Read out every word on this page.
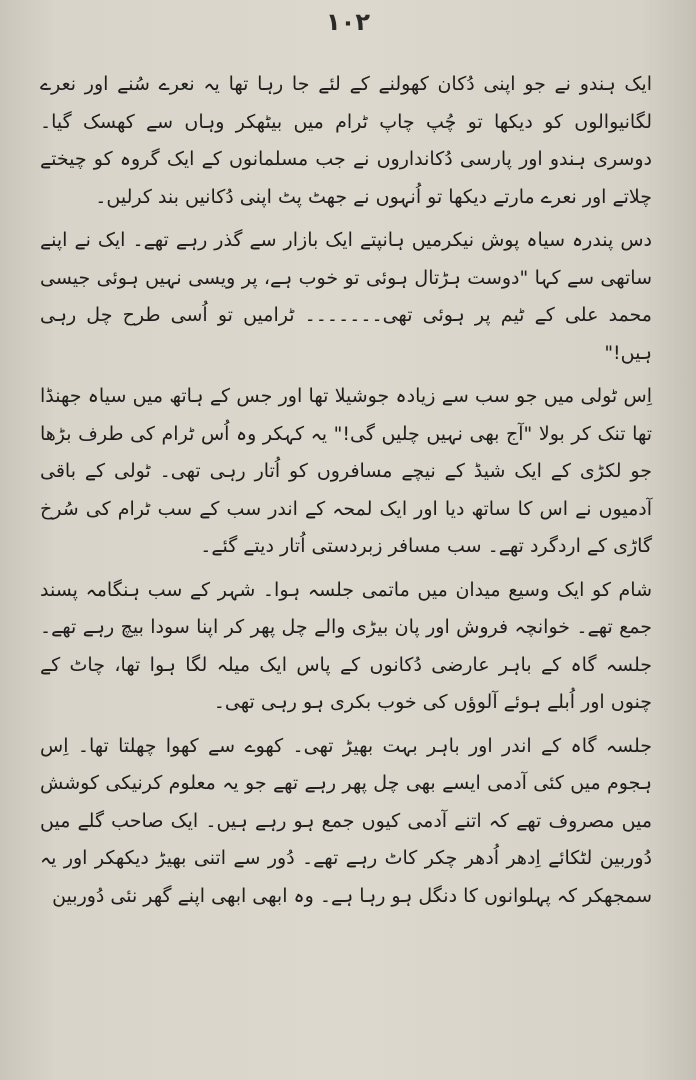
۱۰۲

ایک ہندو نے جو اپنی دُکان کھولنے کے لئے جا رہا تھا یہ نعرے سُنے اور نعرے لگانیوالوں کو دیکھا تو چُپ چاپ ٹرام میں بیٹھکر وہاں سے کھسک گیا۔ دوسری ہندو اور پارسی دُکانداروں نے جب مسلمانوں کے ایک گروہ کو چیختے چلاتے اور نعرے مارتے دیکھا تو اُنہوں نے جھٹ پٹ اپنی دُکانیں بند کرلیں۔

دس پندرہ سیاہ پوش نیکرمیں ہانپتے ایک بازار سے گذر رہے تھے۔ ایک نے اپنے ساتھی سے کہا "دوست ہڑتال ہوئی تو خوب ہے، پر ویسی نہیں ہوئی جیسی محمد علی کے ٹیم پر ہوئی تھی۔۔۔۔۔۔۔ ٹرامیں تو اُسی طرح چل رہی ہیں!"

اِس ٹولی میں جو سب سے زیادہ جوشیلا تھا اور جس کے ہاتھ میں سیاہ جھنڈا تھا تنک کر بولا "آج بھی نہیں چلیں گی!" یہ کہکر وہ اُس ٹرام کی طرف بڑھا جو لکڑی کے ایک شیڈ کے نیچے مسافروں کو اُتار رہی تھی۔ ٹولی کے باقی آدمیوں نے اس کا ساتھ دیا اور ایک لمحہ کے اندر سب کے سب ٹرام کی سُرخ گاڑی کے اردگرد تھے۔ سب مسافر زبردستی اُتار دیتے گئے۔

شام کو ایک وسیع میدان میں ماتمی جلسہ ہوا۔ شہر کے سب ہنگامہ پسند جمع تھے۔ خوانچہ فروش اور پان بیڑی والے چل پھر کر اپنا سودا بیچ رہے تھے۔ جلسہ گاہ کے باہر عارضی دُکانوں کے پاس ایک میلہ لگا ہوا تھا، چاٹ کے چنوں اور اُبلے ہوئے آلوؤں کی خوب بکری ہو رہی تھی۔

جلسہ گاہ کے اندر اور باہر بہت بھیڑ تھی۔ کھوے سے کھوا چھلتا تھا۔ اِس ہجوم میں کئی آدمی ایسے بھی چل پھر رہے تھے جو یہ معلوم کرنیکی کوشش میں مصروف تھے کہ اتنے آدمی کیوں جمع ہو رہے ہیں۔ ایک صاحب گلے میں دُوربین لٹکائے اِدھر اُدھر چکر کاٹ رہے تھے۔ دُور سے اتنی بھیڑ دیکھکر اور یہ سمجھکر کہ پہلوانوں کا دنگل ہو رہا ہے۔ وہ ابھی ابھی اپنے گھر نئی دُوربین
